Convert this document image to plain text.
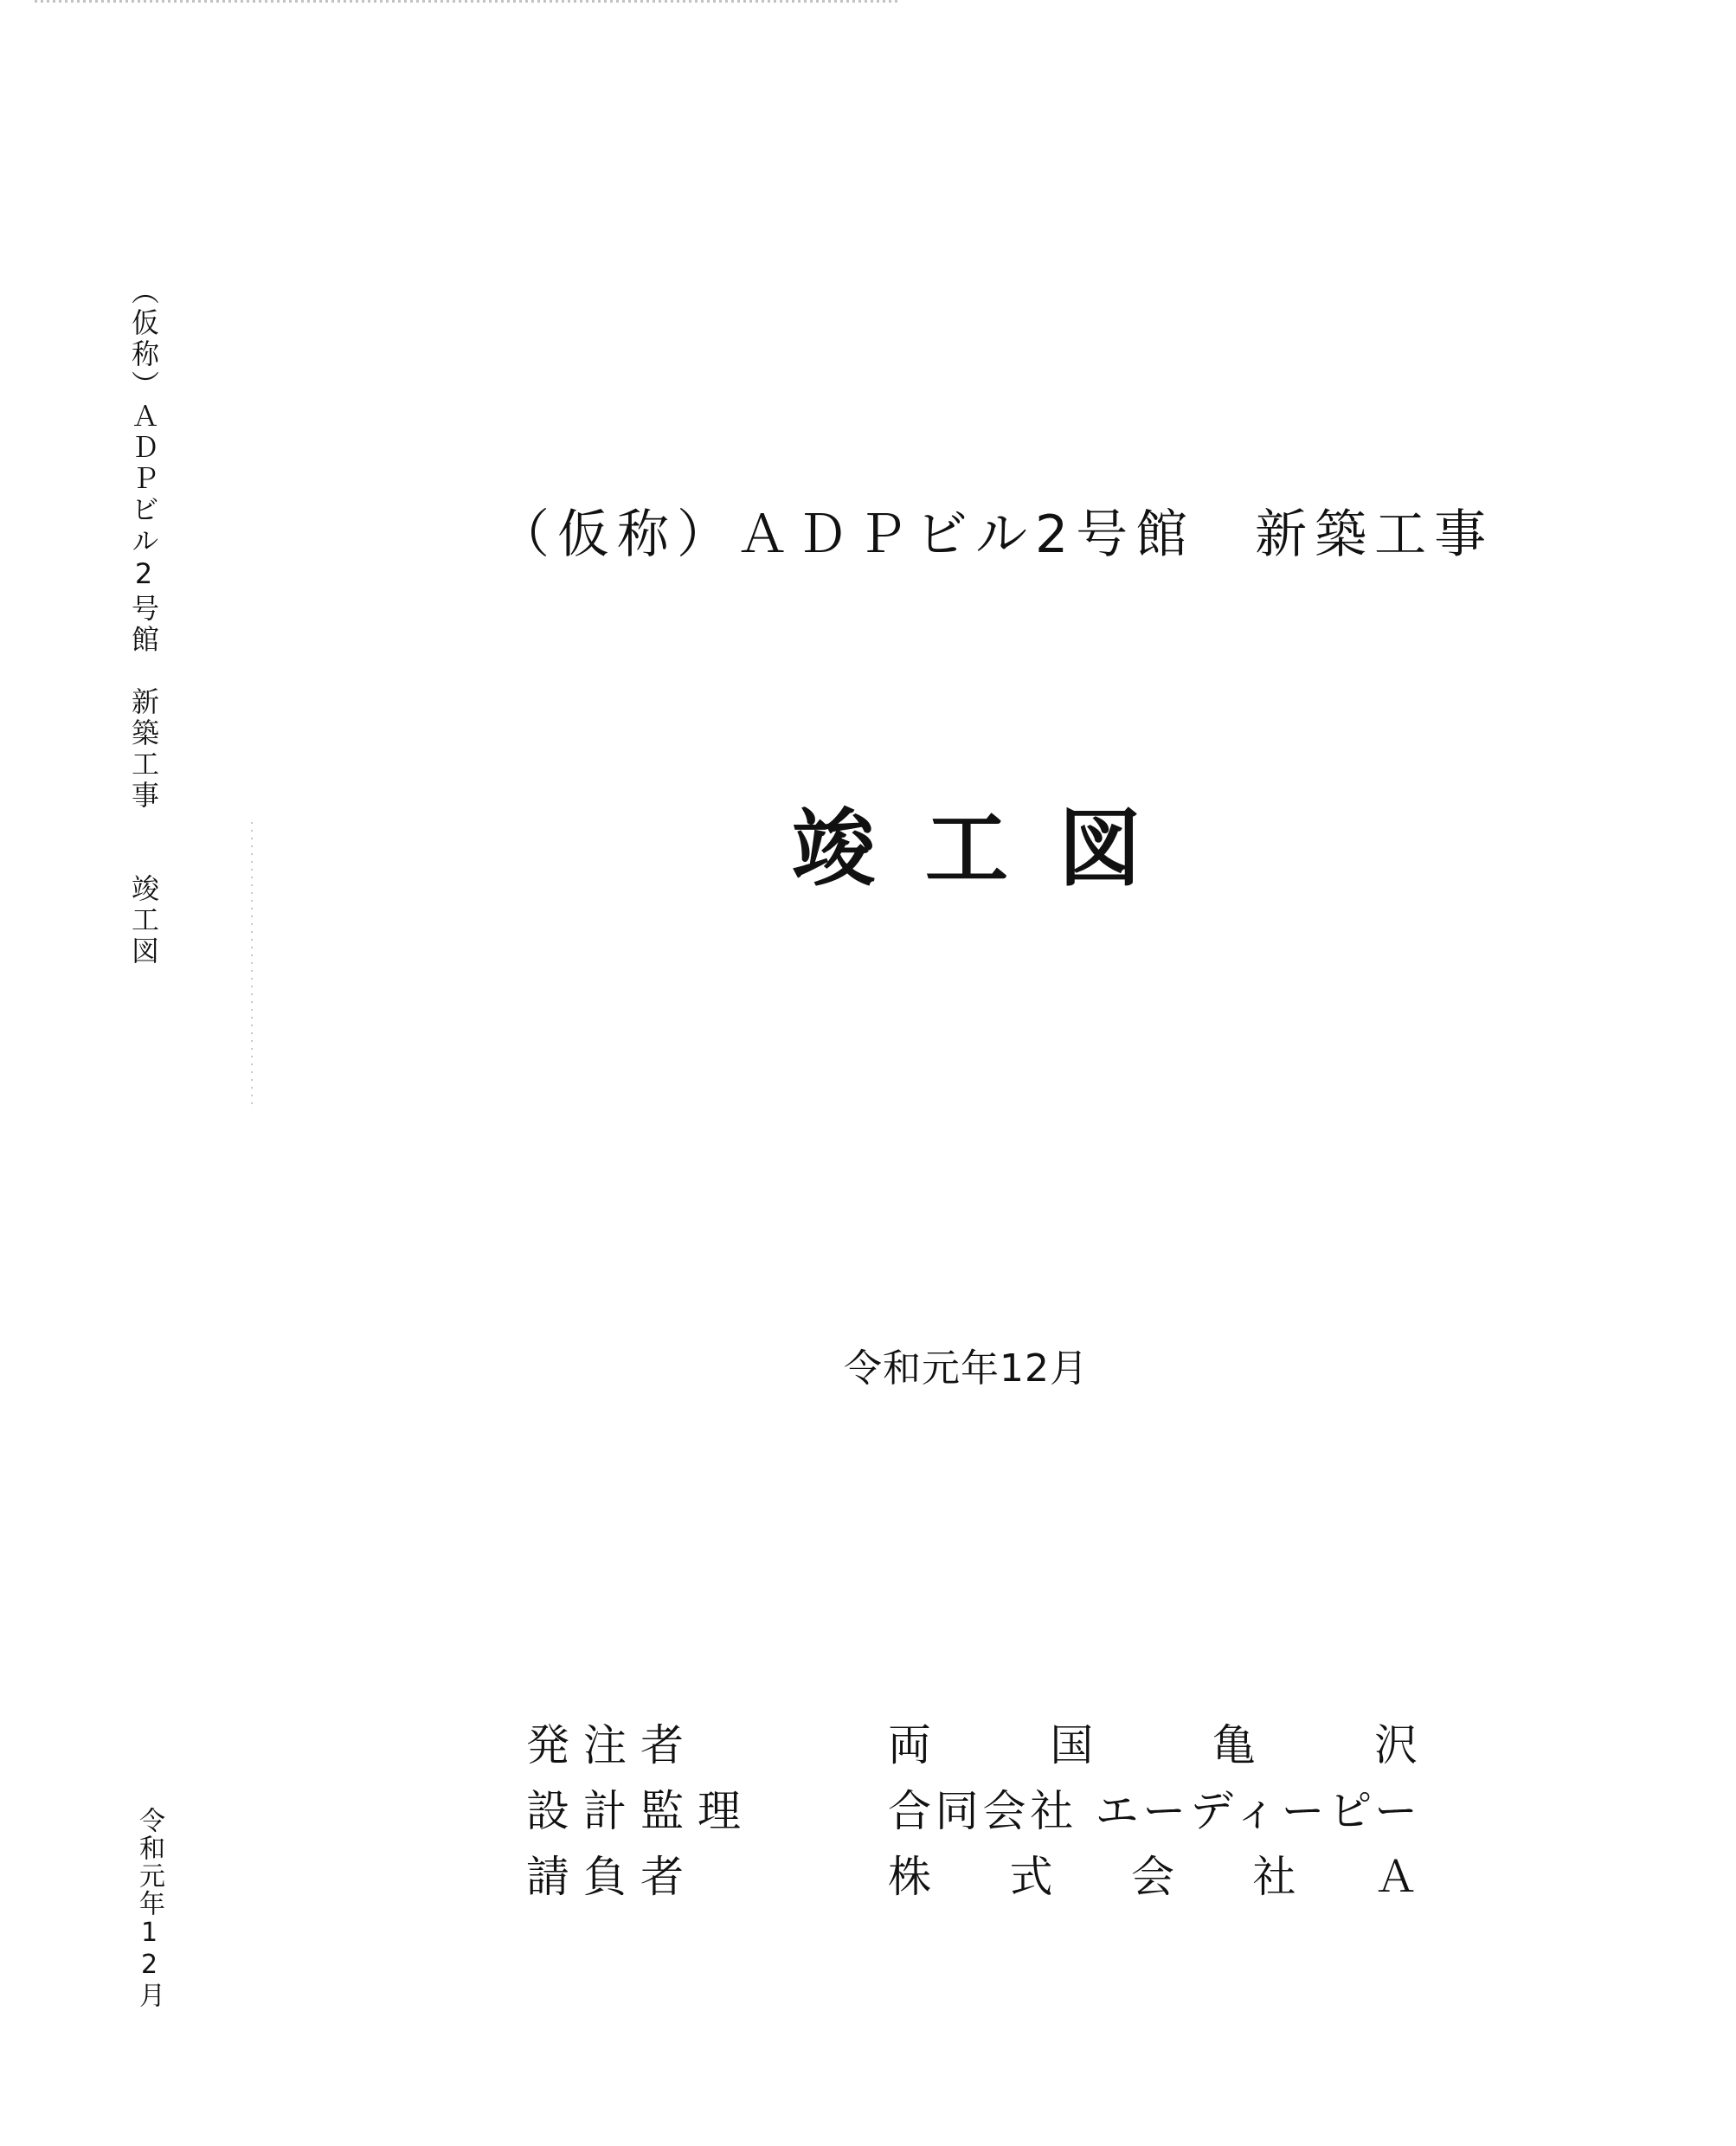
（仮称）ＡＤＰビル2号館　新築工事　　竣工図
令和元年12月
（仮称）ＡＤＰビル2号館　新築工事
竣工図
令和元年12月
発注者	両 国 亀 沢
設計監理	合同会社 エーディーピー
請負者	株 式 会 社 Ａ
